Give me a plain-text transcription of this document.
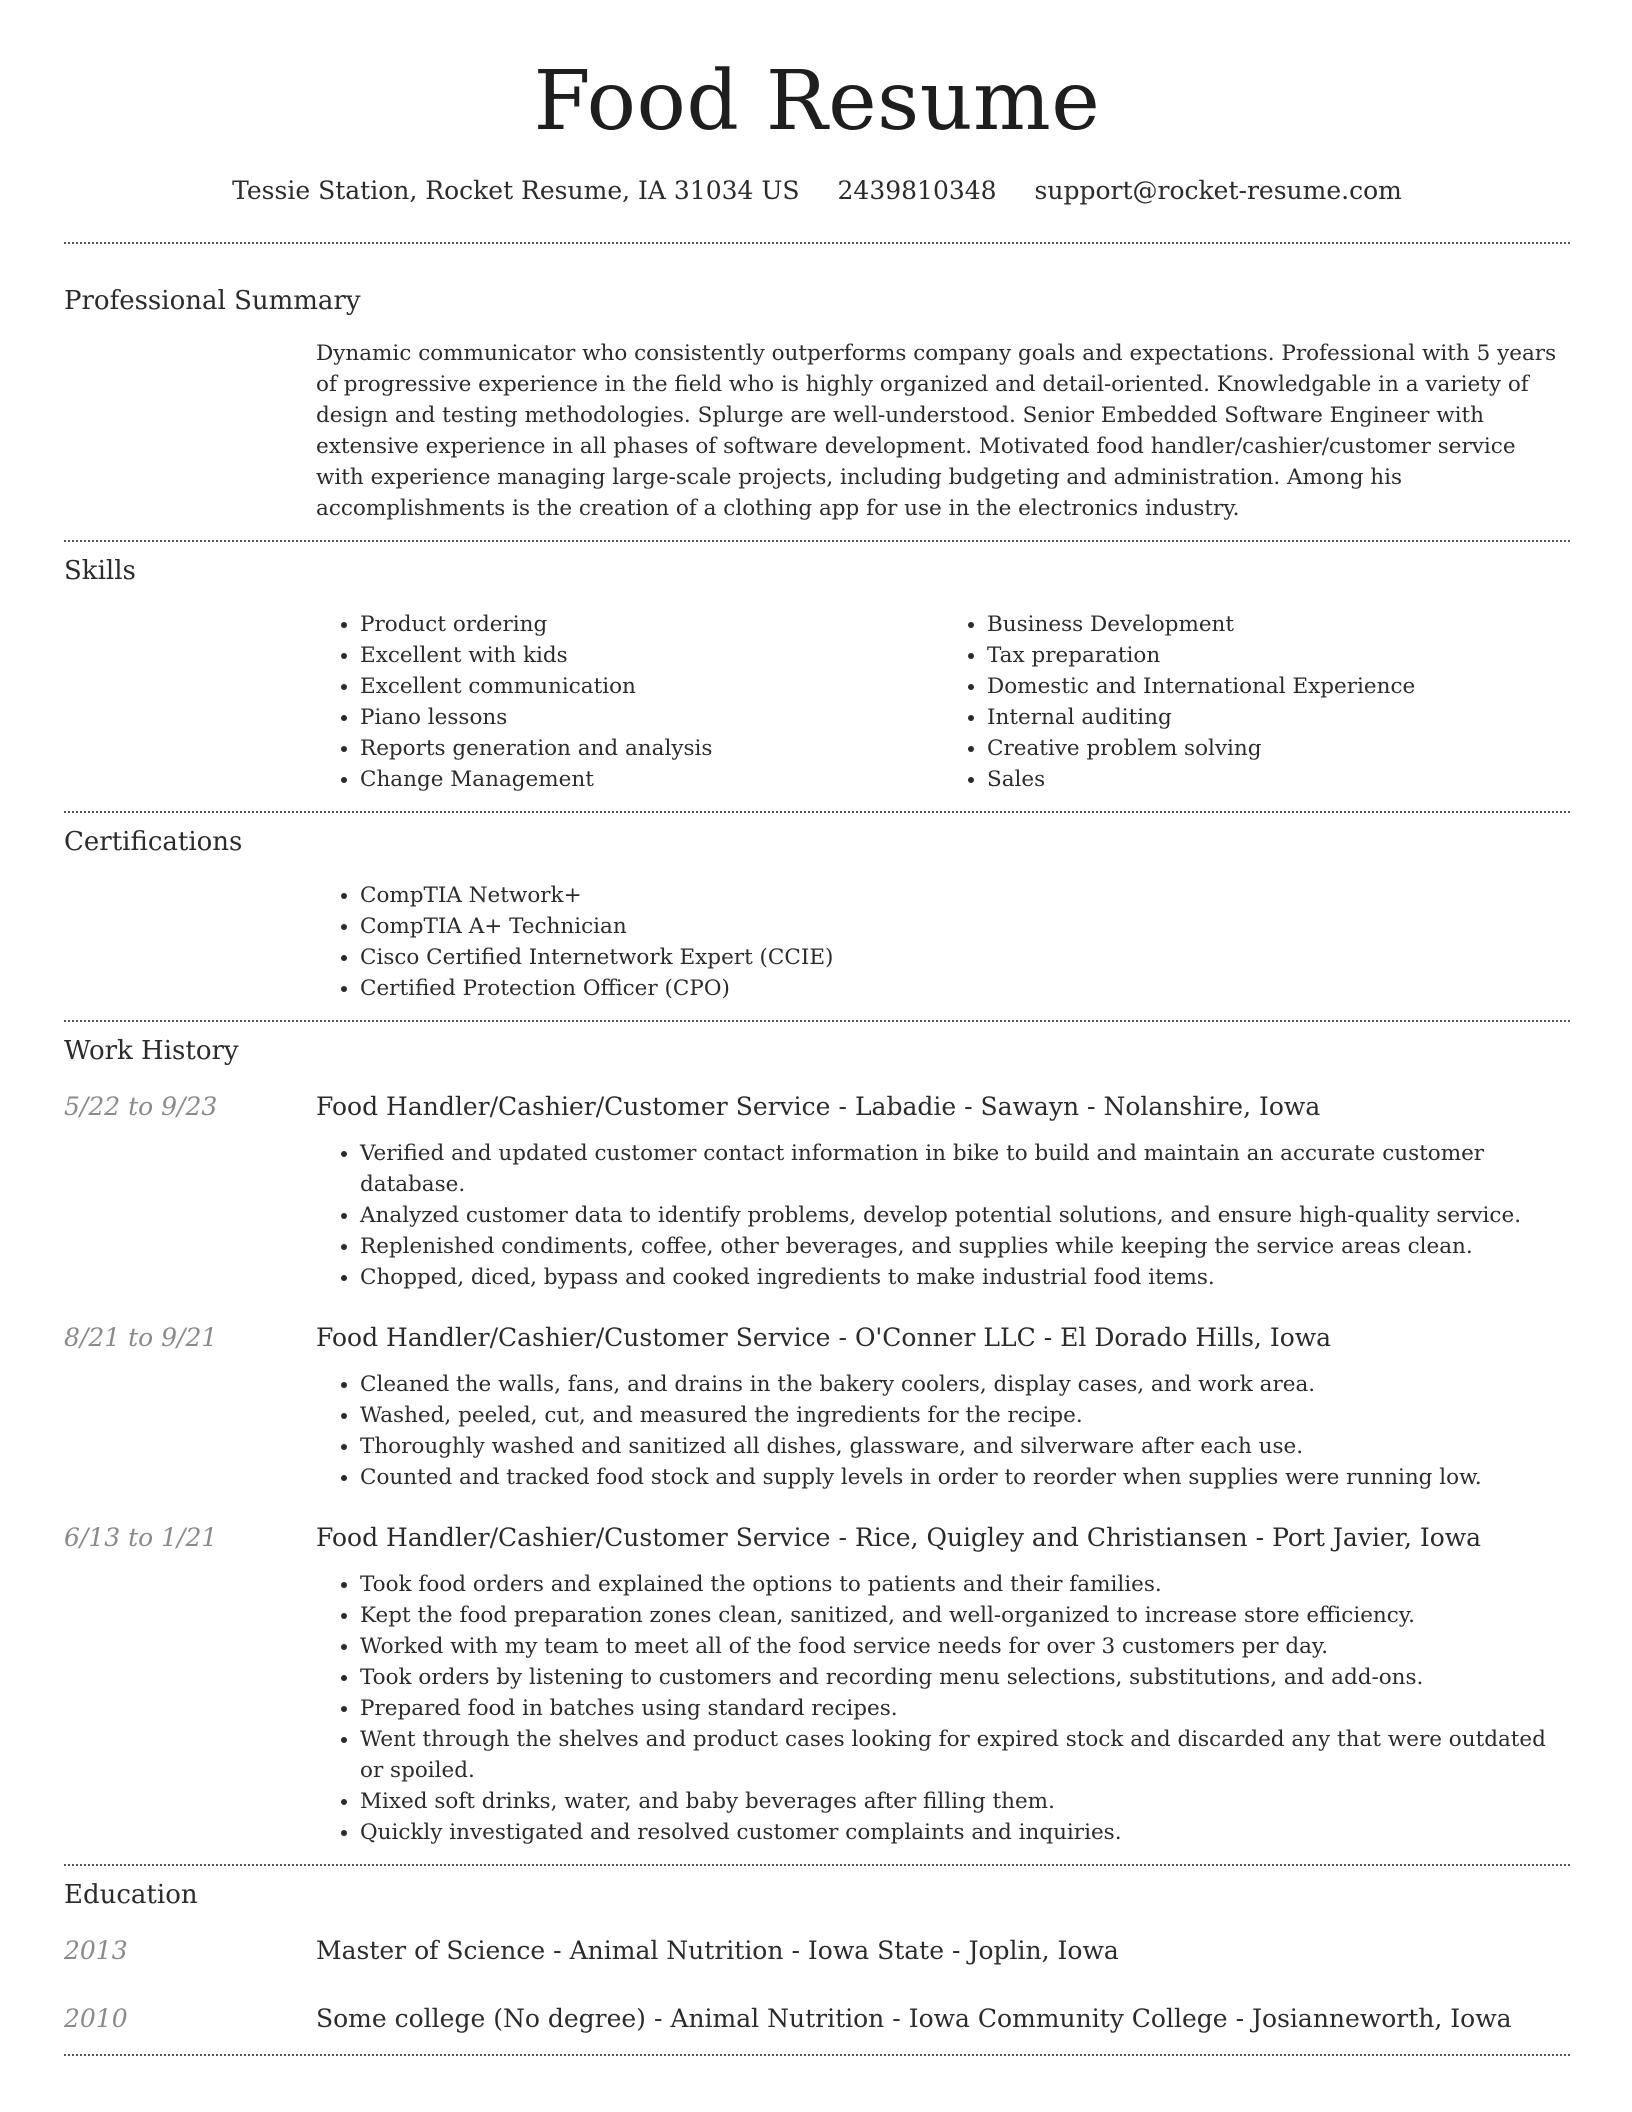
Food Resume
Tessie Station, Rocket Resume, IA 31034 US 2439810348 support@rocket-resume.com
Professional Summary

Dynamic communicator who consistently outperforms company goals and expectations. Professional with 5 years of progressive experience in the field who is highly organized and detail-oriented. Knowledgable in a variety of design and testing methodologies. Splurge are well-understood. Senior Embedded Software Engineer with extensive experience in all phases of software development. Motivated food handler/cashier/customer service with experience managing large-scale projects, including budgeting and administration. Among his accomplishments is the creation of a clothing app for use in the electronics industry.

Skills
• Product ordering
• Excellent with kids
• Excellent communication
• Piano lessons
• Reports generation and analysis
• Change Management
• Business Development
• Tax preparation
• Domestic and International Experience
• Internal auditing
• Creative problem solving
• Sales
Certifications
• CompTIA Network+
• CompTIA A+ Technician
• Cisco Certified Internetwork Expert (CCIE)
• Certified Protection Officer (CPO)
Work History
5/22 to 9/23	Food Handler/Cashier/Customer Service - Labadie - Sawayn - Nolanshire, Iowa
• Verified and updated customer contact information in bike to build and maintain an accurate customer database.
• Analyzed customer data to identify problems, develop potential solutions, and ensure high-quality service.
• Replenished condiments, coffee, other beverages, and supplies while keeping the service areas clean.
• Chopped, diced, bypass and cooked ingredients to make industrial food items.
8/21 to 9/21	Food Handler/Cashier/Customer Service - O'Conner LLC - El Dorado Hills, Iowa
• Cleaned the walls, fans, and drains in the bakery coolers, display cases, and work area.
• Washed, peeled, cut, and measured the ingredients for the recipe.
• Thoroughly washed and sanitized all dishes, glassware, and silverware after each use.
• Counted and tracked food stock and supply levels in order to reorder when supplies were running low.
6/13 to 1/21	Food Handler/Cashier/Customer Service - Rice, Quigley and Christiansen - Port Javier, Iowa
• Took food orders and explained the options to patients and their families.
• Kept the food preparation zones clean, sanitized, and well-organized to increase store efficiency.
• Worked with my team to meet all of the food service needs for over 3 customers per day.
• Took orders by listening to customers and recording menu selections, substitutions, and add-ons.
• Prepared food in batches using standard recipes.
• Went through the shelves and product cases looking for expired stock and discarded any that were outdated or spoiled.
• Mixed soft drinks, water, and baby beverages after filling them.
• Quickly investigated and resolved customer complaints and inquiries.
Education
2013	Master of Science - Animal Nutrition - Iowa State - Joplin, Iowa
2010	Some college (No degree) - Animal Nutrition - Iowa Community College - Josianneworth, Iowa
